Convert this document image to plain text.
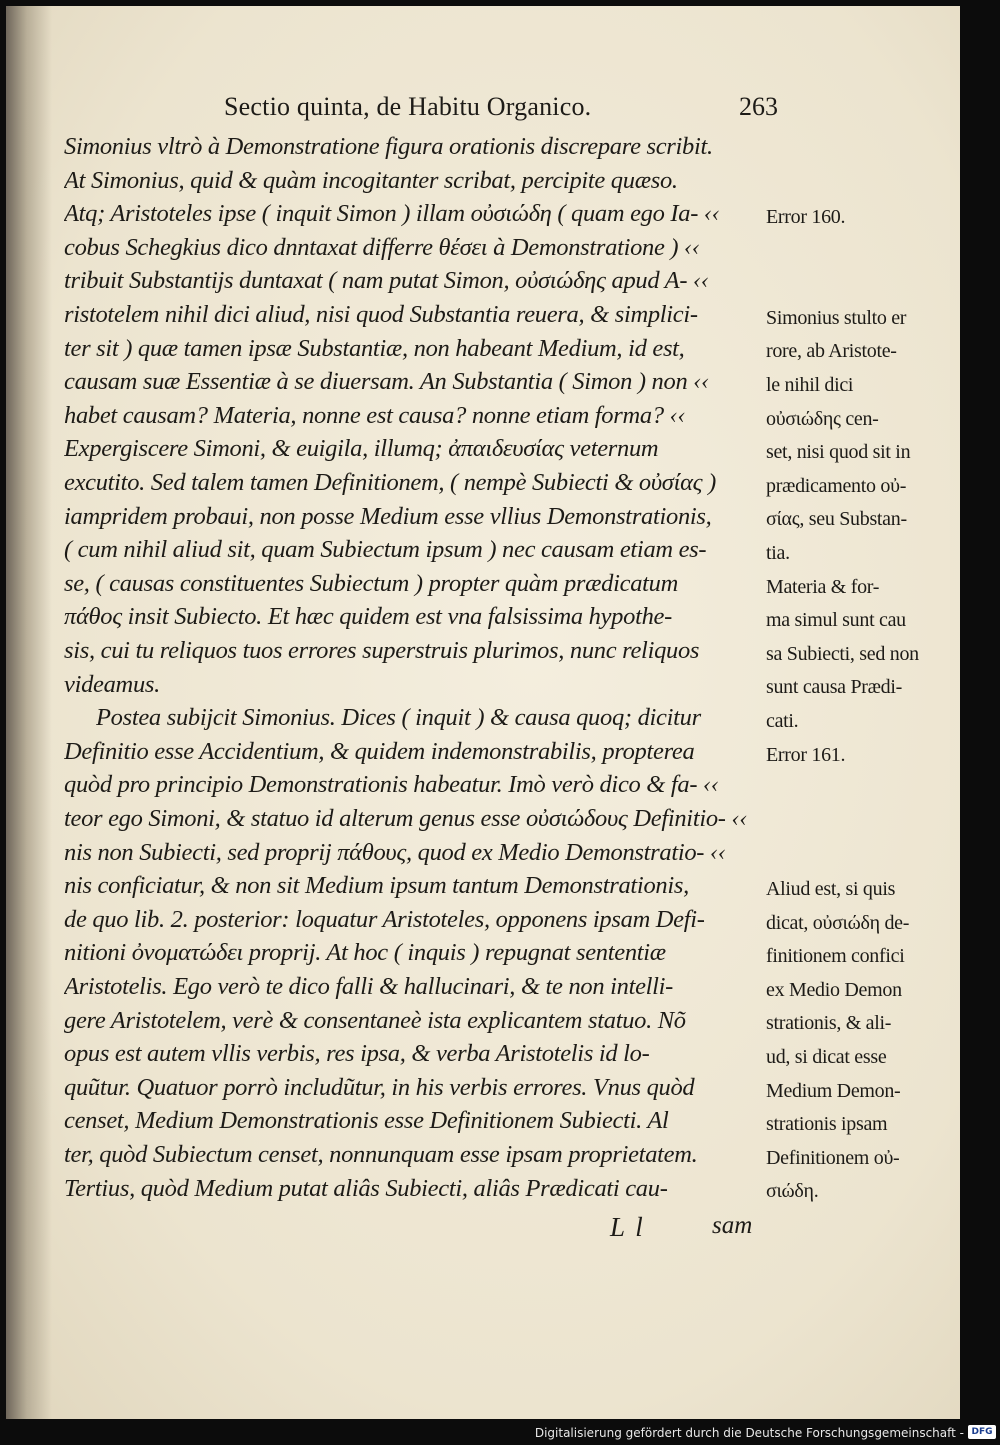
Sectio quinta, de Habitu Organico.	263
Simonius vltrò à Demonstratione figura orationis discrepare scribit.
At Simonius, quid & quàm incogitanter scribat, percipite quæso.
Atq; Aristoteles ipse ( inquit Simon ) illam οὐσιώδη ( quam ego Ia- ‹‹
cobus Schegkius dico dnntaxat differre θέσει à Demonstratione ) ‹‹
tribuit Substantijs duntaxat ( nam putat Simon, οὐσιώδης apud A- ‹‹
ristotelem nihil dici aliud, nisi quod Substantia reuera, & simplici-
ter sit ) quæ tamen ipsæ Substantiæ, non habeant Medium, id est,
causam suæ Essentiæ à se diuersam. An Substantia ( Simon ) non ‹‹
habet causam? Materia, nonne est causa? nonne etiam forma? ‹‹
Expergiscere Simoni, & euigila, illumq; ἀπαιδευσίας veternum
excutito. Sed talem tamen Definitionem, ( nempè Subiecti & οὐσίας )
iampridem probaui, non posse Medium esse vllius Demonstrationis,
( cum nihil aliud sit, quam Subiectum ipsum ) nec causam etiam es-
se, ( causas constituentes Subiectum ) propter quàm prædicatum
πάθος insit Subiecto. Et hæc quidem est vna falsissima hypothe-
sis, cui tu reliquos tuos errores superstruis plurimos, nunc reliquos
videamus.
Postea subijcit Simonius. Dices ( inquit ) & causa quoq; dicitur
Definitio esse Accidentium, & quidem indemonstrabilis, propterea
quòd pro principio Demonstrationis habeatur. Imò verò dico & fa- ‹‹
teor ego Simoni, & statuo id alterum genus esse οὐσιώδους Definitio- ‹‹
nis non Subiecti, sed proprij πάθους, quod ex Medio Demonstratio- ‹‹
nis conficiatur, & non sit Medium ipsum tantum Demonstrationis,
de quo lib. 2. posterior: loquatur Aristoteles, opponens ipsam Defi-
nitioni ὀνοματώδει proprij. At hoc ( inquis ) repugnat sententiæ
Aristotelis. Ego verò te dico falli & hallucinari, & te non intelli-
gere Aristotelem, verè & consentaneè ista explicantem statuo. Nõ
opus est autem vllis verbis, res ipsa, & verba Aristotelis id lo-
quũtur. Quatuor porrò includũtur, in his verbis errores. Vnus quòd
censet, Medium Demonstrationis esse Definitionem Subiecti. Al
ter, quòd Subiectum censet, nonnunquam esse ipsam proprietatem.
Tertius, quòd Medium putat aliâs Subiecti, aliâs Prædicati cau-
Error 160.
Simonius stulto er
rore, ab Aristote-
le nihil dici
οὐσιώδης cen-
set, nisi quod sit in
prædicamento οὐ-
σίας, seu Substan-
tia.
Materia & for-
ma simul sunt cau
sa Subiecti, sed non
sunt causa Prædi-
cati.
Error 161.
Aliud est, si quis
dicat, οὐσιώδη de-
finitionem confici
ex Medio Demon
strationis, & ali-
ud, si dicat esse
Medium Demon-
strationis ipsam
Definitionem οὐ-
σιώδη.
L l	sam
Digitalisierung gefördert durch die Deutsche Forschungsgemeinschaft - DFG
